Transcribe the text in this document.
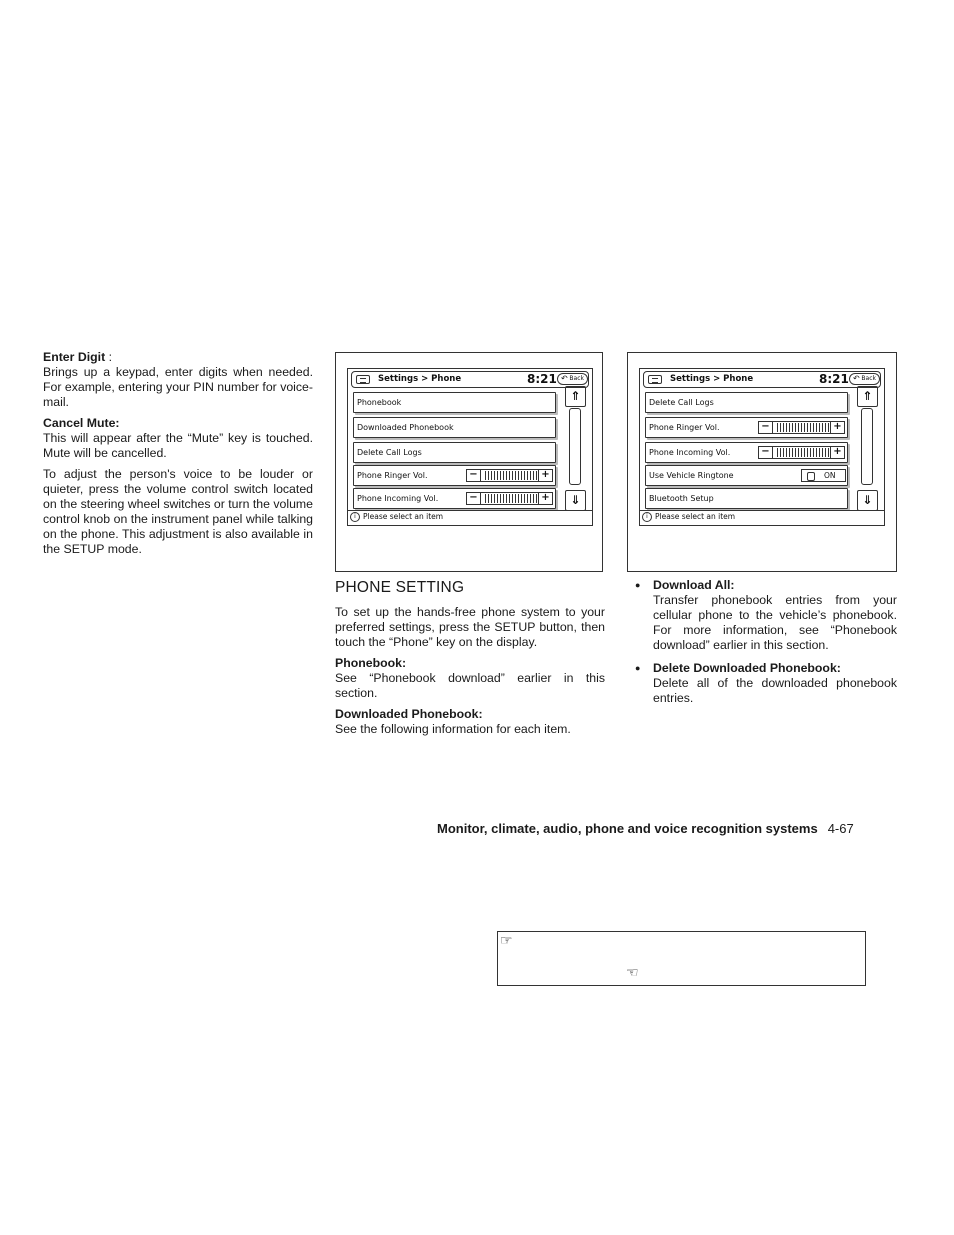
Enter Digit :

Brings up a keypad, enter digits when needed. For example, entering your PIN number for voice-mail.

Cancel Mute:

This will appear after the “Mute” key is touched. Mute will be cancelled.

To adjust the person's voice to be louder or quieter, press the volume control switch located on the steering wheel switches or turn the volume control knob on the instrument panel while talking on the phone. This adjustment is also available in the SETUP mode.

Settings > Phone	8:21 ↶ Back
Phonebook
Downloaded Phonebook
Delete Call Logs
Phone Ringer Vol.	−	+
Phone Incoming Vol.	−	+
⇑
⇓
i Please select an item
Settings > Phone	8:21 ↶ Back
Delete Call Logs
Phone Ringer Vol.	−	+
Phone Incoming Vol.	−	+
Use Vehicle Ringtone	ON
Bluetooth Setup
⇑
⇓
i Please select an item
PHONE SETTING

To set up the hands-free phone system to your preferred settings, press the SETUP button, then touch the “Phone” key on the display.

Phonebook:

See “Phonebook download” earlier in this section.

Downloaded Phonebook:

See the following information for each item.

● Download All:

Transfer phonebook entries from your cellular phone to the vehicle’s phonebook. For more information, see “Phonebook download” earlier in this section.

● Delete Downloaded Phonebook:

Delete all of the downloaded phonebook entries.

Monitor, climate, audio, phone and voice recognition systems 4-67
☞
☜
